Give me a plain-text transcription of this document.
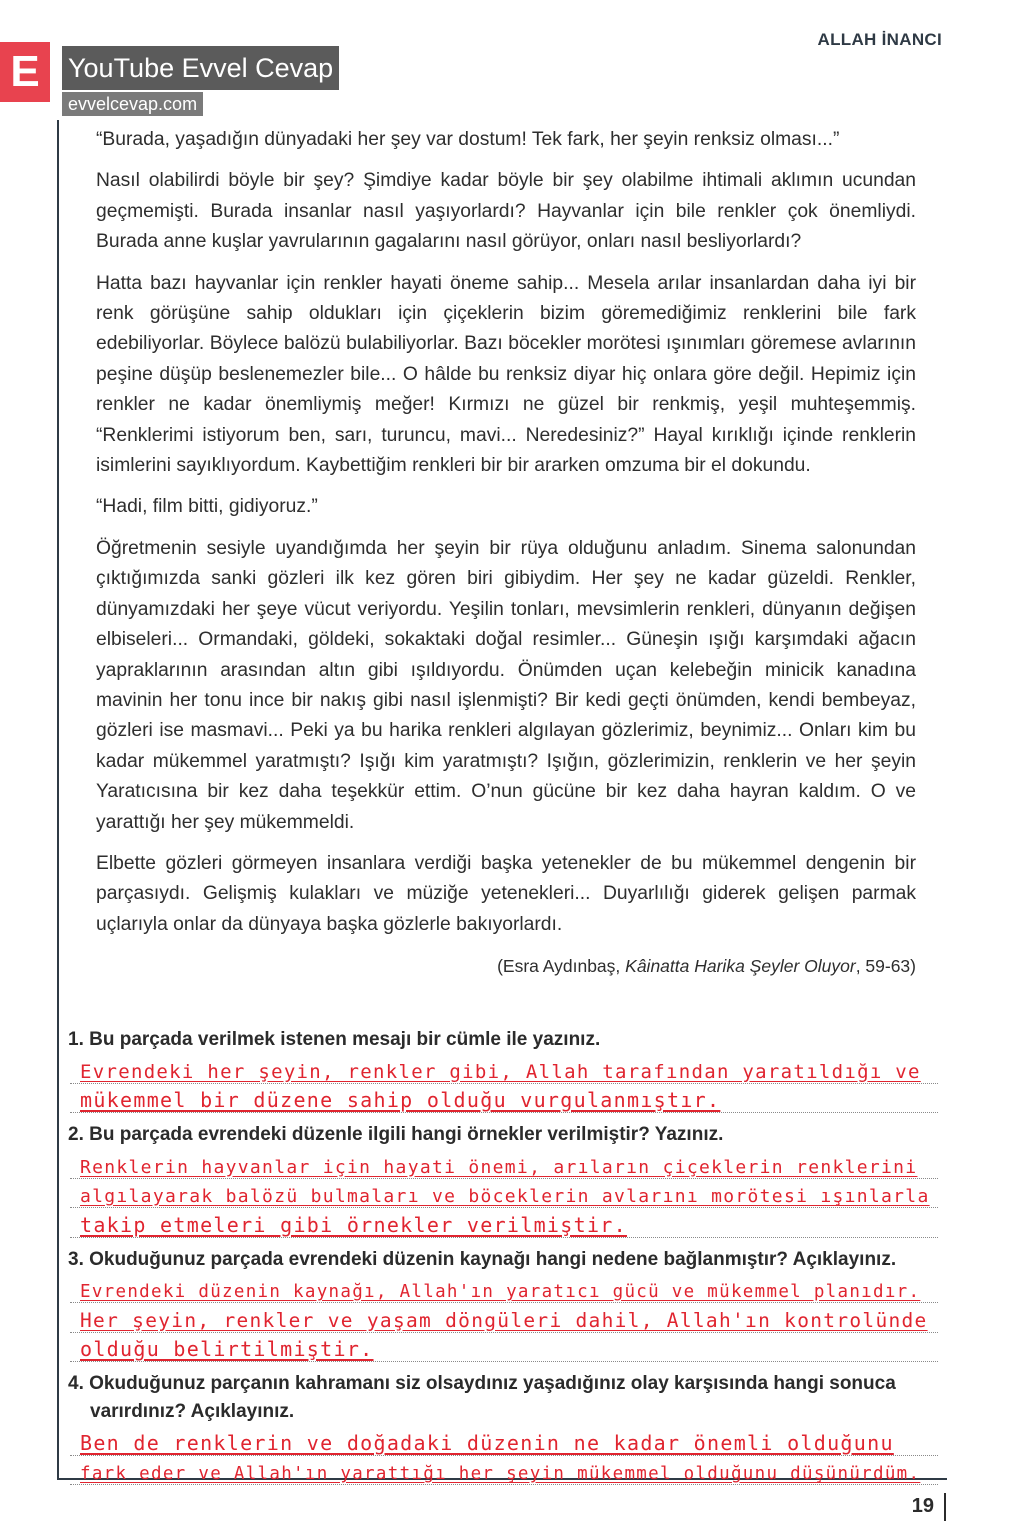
ALLAH İNANCI
E	YouTube Evvel Cevap
evvelcevap.com

“Burada, yaşadığın dünyadaki her şey var dostum! Tek fark, her şeyin renksiz olması...”

Nasıl olabilirdi böyle bir şey? Şimdiye kadar böyle bir şey olabilme ihtimali aklımın ucundan geçmemişti. Burada insanlar nasıl yaşıyorlardı? Hayvanlar için bile renkler çok önemliydi. Burada anne kuşlar yavrularının gagalarını nasıl görüyor, onları nasıl besliyorlardı?

Hatta bazı hayvanlar için renkler hayati öneme sahip... Mesela arılar insanlardan daha iyi bir renk görüşüne sahip oldukları için çiçeklerin bizim göremediğimiz renklerini bile fark edebiliyorlar. Böylece balözü bulabiliyorlar. Bazı böcekler morötesi ışınımları göremese avlarının peşine düşüp beslenemezler bile... O hâlde bu renksiz diyar hiç onlara göre değil. Hepimiz için renkler ne kadar önemliymiş meğer! Kırmızı ne güzel bir renkmiş, yeşil muhteşemmiş. “Renklerimi istiyorum ben, sarı, turuncu, mavi... Neredesiniz?” Hayal kırıklığı içinde renklerin isimlerini sayıklıyordum. Kaybettiğim renkleri bir bir ararken omzuma bir el dokundu.

“Hadi, film bitti, gidiyoruz.”

Öğretmenin sesiyle uyandığımda her şeyin bir rüya olduğunu anladım. Sinema salonundan çıktığımızda sanki gözleri ilk kez gören biri gibiydim. Her şey ne kadar güzeldi. Renkler, dünyamızdaki her şeye vücut veriyordu. Yeşilin tonları, mevsimlerin renkleri, dünyanın değişen elbiseleri... Ormandaki, göldeki, sokaktaki doğal resimler... Güneşin ışığı karşımdaki ağacın yapraklarının arasından altın gibi ışıldıyordu. Önümden uçan kelebeğin minicik kanadına mavinin her tonu ince bir nakış gibi nasıl işlenmişti? Bir kedi geçti önümden, kendi bembeyaz, gözleri ise masmavi... Peki ya bu harika renkleri algılayan gözlerimiz, beynimiz... Onları kim bu kadar mükemmel yaratmıştı? Işığı kim yaratmıştı? Işığın, gözlerimizin, renklerin ve her şeyin Yaratıcısına bir kez daha teşekkür ettim. O’nun gücüne bir kez daha hayran kaldım. O ve yarattığı her şey mükemmeldi.

Elbette gözleri görmeyen insanlara verdiği başka yetenekler de bu mükemmel dengenin bir parçasıydı. Gelişmiş kulakları ve müziğe yetenekleri... Duyarlılığı giderek gelişen parmak uçlarıyla onlar da dünyaya başka gözlerle bakıyorlardı.

(Esra Aydınbaş, Kâinatta Harika Şeyler Oluyor, 59-63)

1. Bu parçada verilmek istenen mesajı bir cümle ile yazınız.
Evrendeki her şeyin, renkler gibi, Allah tarafından yaratıldığı ve
mükemmel bir düzene sahip olduğu vurgulanmıştır.
2. Bu parçada evrendeki düzenle ilgili hangi örnekler verilmiştir? Yazınız.
Renklerin hayvanlar için hayati önemi, arıların çiçeklerin renklerini
algılayarak balözü bulmaları ve böceklerin avlarını morötesi ışınlarla
takip etmeleri gibi örnekler verilmiştir.
3. Okuduğunuz parçada evrendeki düzenin kaynağı hangi nedene bağlanmıştır? Açıklayınız.
Evrendeki düzenin kaynağı, Allah'ın yaratıcı gücü ve mükemmel planıdır.
Her şeyin, renkler ve yaşam döngüleri dahil, Allah'ın kontrolünde
olduğu belirtilmiştir.
4. Okuduğunuz parçanın kahramanı siz olsaydınız yaşadığınız olay karşısında hangi sonuca varırdınız? Açıklayınız.
Ben de renklerin ve doğadaki düzenin ne kadar önemli olduğunu
fark eder ve Allah'ın yarattığı her şeyin mükemmel olduğunu düşünürdüm.
19
